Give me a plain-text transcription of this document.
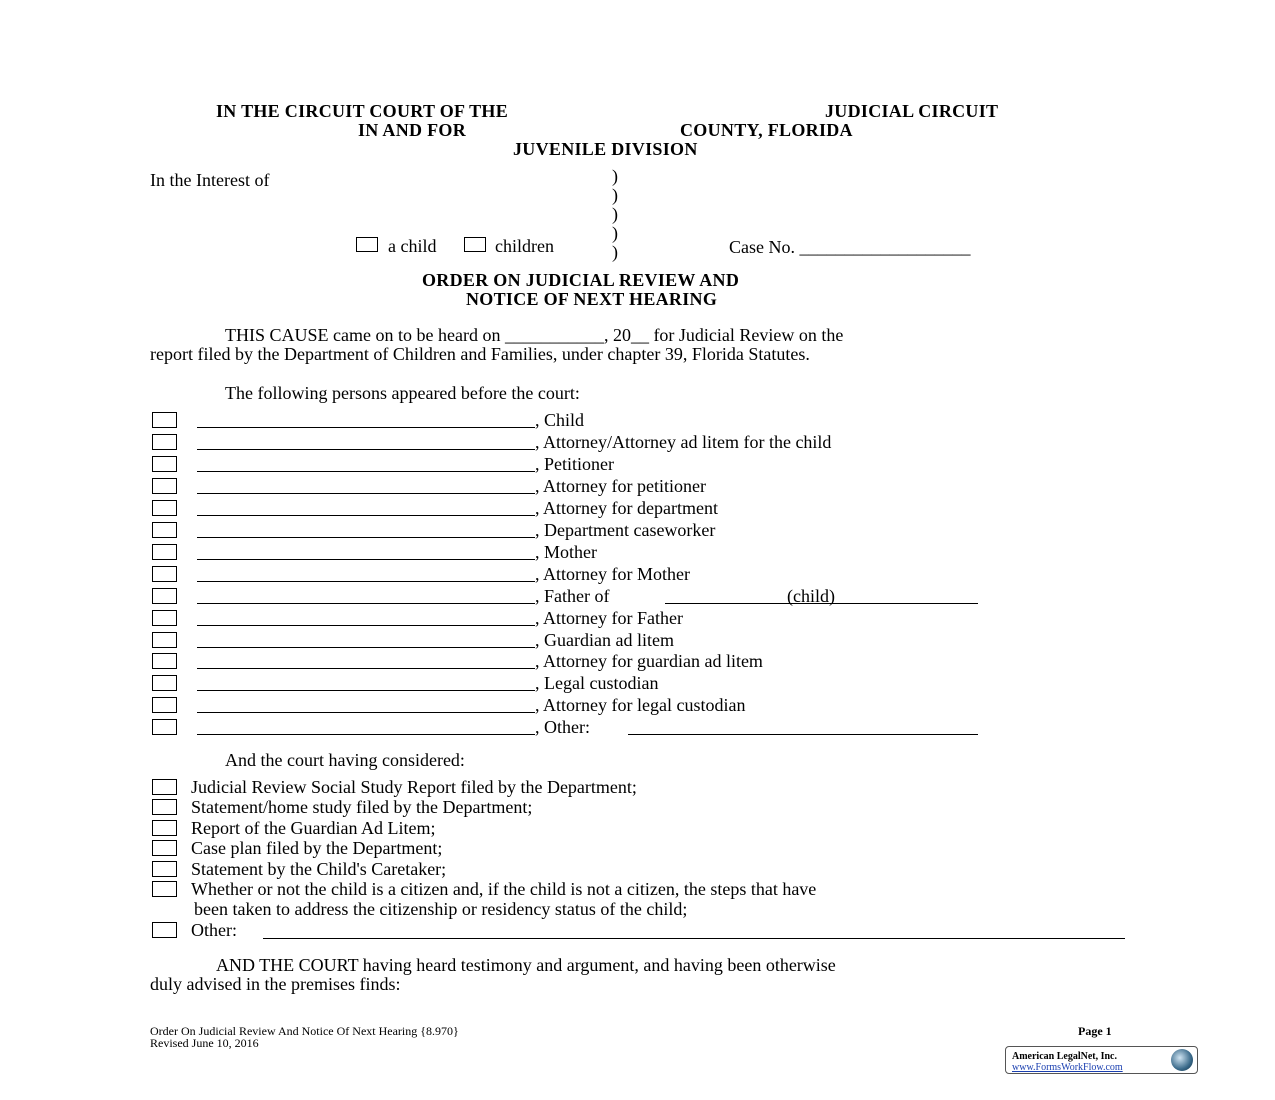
IN THE CIRCUIT COURT OF THE	JUDICIAL CIRCUIT
IN AND FOR	COUNTY, FLORIDA
JUVENILE DIVISION
In the Interest of	)
)
)
)
)
a child	children	Case No. ___________________
ORDER ON JUDICIAL REVIEW AND
NOTICE OF NEXT HEARING
THIS CAUSE came on to be heard on ___________, 20__ for Judicial Review on the
report filed by the Department of Children and Families, under chapter 39, Florida Statutes.
The following persons appeared before the court:
, Child
, Attorney/Attorney ad litem for the child
, Petitioner
, Attorney for petitioner
, Attorney for department
, Department caseworker
, Mother
, Attorney for Mother
, Father of	(child)
, Attorney for Father
, Guardian ad litem
, Attorney for guardian ad litem
, Legal custodian
, Attorney for legal custodian
, Other:
And the court having considered:
Judicial Review Social Study Report filed by the Department;
Statement/home study filed by the Department;
Report of the Guardian Ad Litem;
Case plan filed by the Department;
Statement by the Child's Caretaker;
Whether or not the child is a citizen and, if the child is not a citizen, the steps that have
Other:
been taken to address the citizenship or residency status of the child;
AND THE COURT having heard testimony and argument, and having been otherwise
duly advised in the premises finds:
Order On Judicial Review And Notice Of Next Hearing {8.970}
Revised June 10, 2016
Page 1
American LegalNet, Inc.
www.FormsWorkFlow.com
